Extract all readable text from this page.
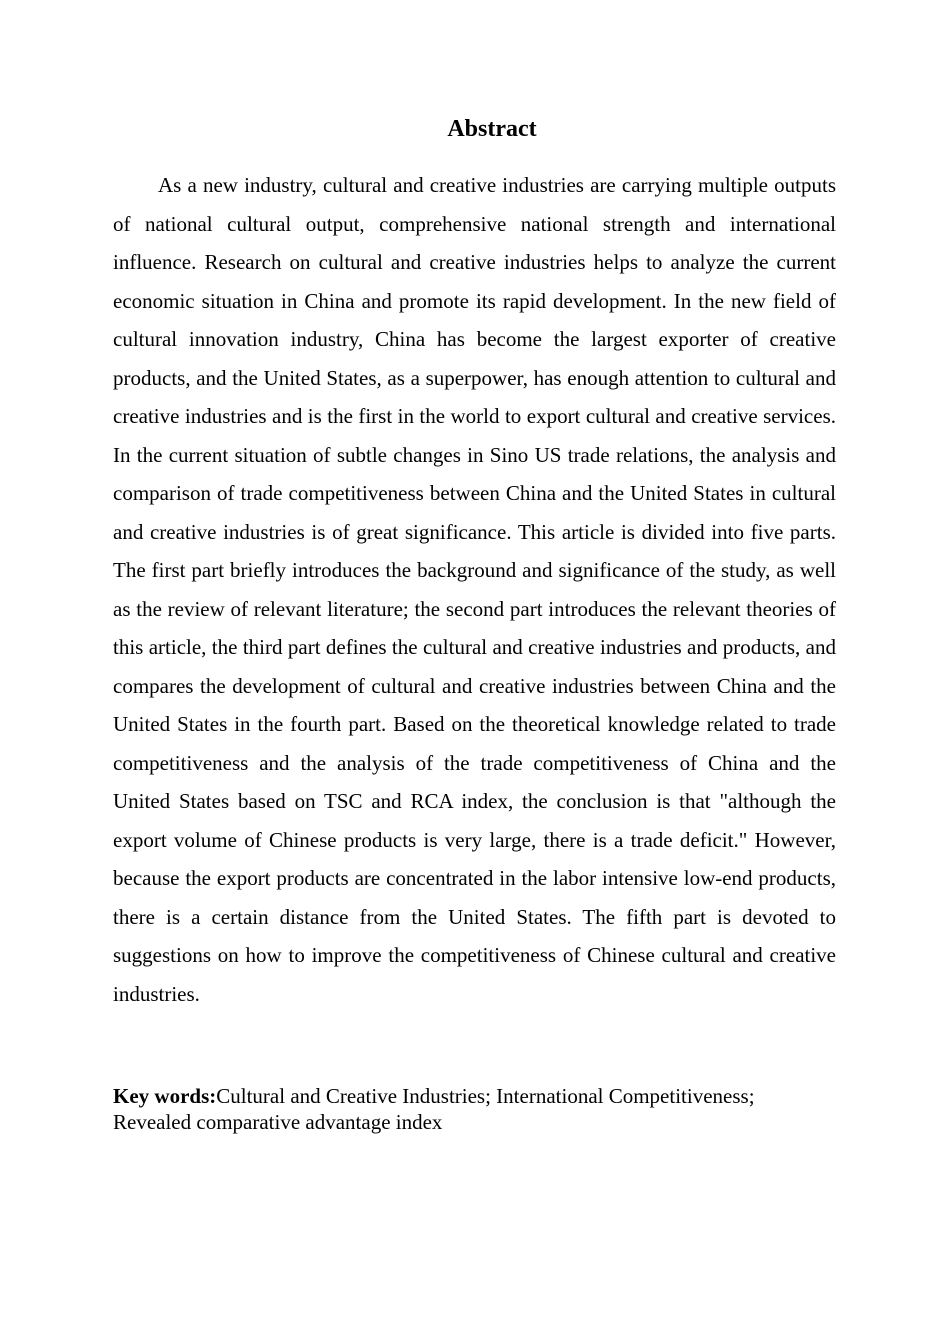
Abstract

As a new industry, cultural and creative industries are carrying multiple outputs of national cultural output, comprehensive national strength and international influence. Research on cultural and creative industries helps to analyze the current economic situation in China and promote its rapid development. In the new field of cultural innovation industry, China has become the largest exporter of creative products, and the United States, as a superpower, has enough attention to cultural and creative industries and is the first in the world to export cultural and creative services. In the current situation of subtle changes in Sino US trade relations, the analysis and comparison of trade competitiveness between China and the United States in cultural and creative industries is of great significance. This article is divided into five parts. The first part briefly introduces the background and significance of the study, as well as the review of relevant literature; the second part introduces the relevant theories of this article, the third part defines the cultural and creative industries and products, and compares the development of cultural and creative industries between China and the United States in the fourth part. Based on the theoretical knowledge related to trade competitiveness and the analysis of the trade competitiveness of China and the United States based on TSC and RCA index, the conclusion is that "although the export volume of Chinese products is very large, there is a trade deficit." However, because the export products are concentrated in the labor intensive low-end products, there is a certain distance from the United States. The fifth part is devoted to suggestions on how to improve the competitiveness of Chinese cultural and creative industries.

Key words:Cultural and Creative Industries; International Competitiveness; Revealed comparative advantage index
